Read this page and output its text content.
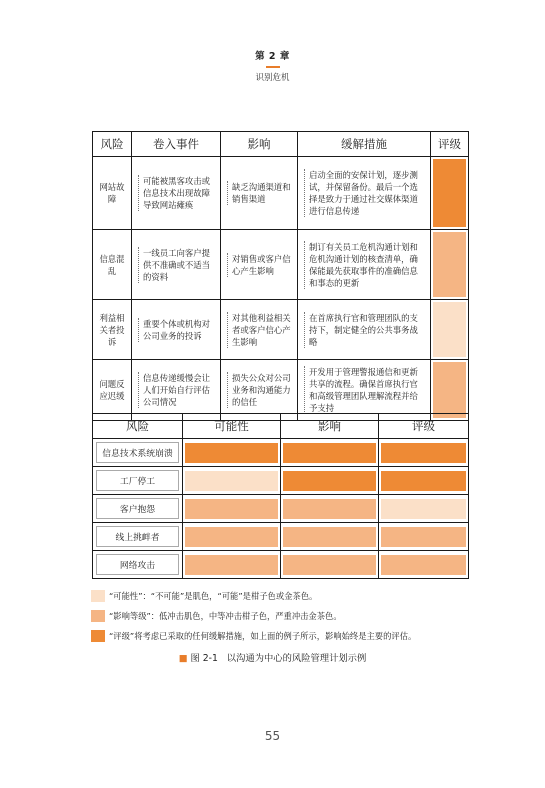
第 2 章
识别危机
风险	卷入事件	影响	缓解措施	评级
网站故障	可能被黑客攻击或信息技术出现故障导致网站瘫痪	缺乏沟通渠道和销售渠道	启动全面的安保计划，逐步测试，并保留备份。最后一个选择是致力于通过社交媒体渠道进行信息传递	

信息混乱	一线员工向客户提供不准确或不适当的资料	对销售或客户信心产生影响	制订有关员工危机沟通计划和危机沟通计划的核查清单，确保能最先获取事件的准确信息和事态的更新	

利益相关者投诉	重要个体或机构对公司业务的投诉	对其他利益相关者或客户信心产生影响	在首席执行官和管理团队的支持下，制定健全的公共事务战略	

问题反应迟缓	信息传递缓慢会让人们开始自行评估公司情况	损失公众对公司业务和沟通能力的信任	开发用于管理警报通信和更新共享的流程。确保首席执行官和高级管理团队理解流程并给予支持	

风险	可能性	影响	评级

信息技术系统崩溃			

工厂停工			

客户抱怨			

线上挑衅者			

网络攻击			

“可能性”：“不可能”是肌色，“可能”是柑子色或金茶色。
“影响等级”：低冲击肌色，中等冲击柑子色，严重冲击金茶色。
“评级”将考虑已采取的任何缓解措施，如上面的例子所示，影响始终是主要的评估。
■ 图 2-1 以沟通为中心的风险管理计划示例
55
